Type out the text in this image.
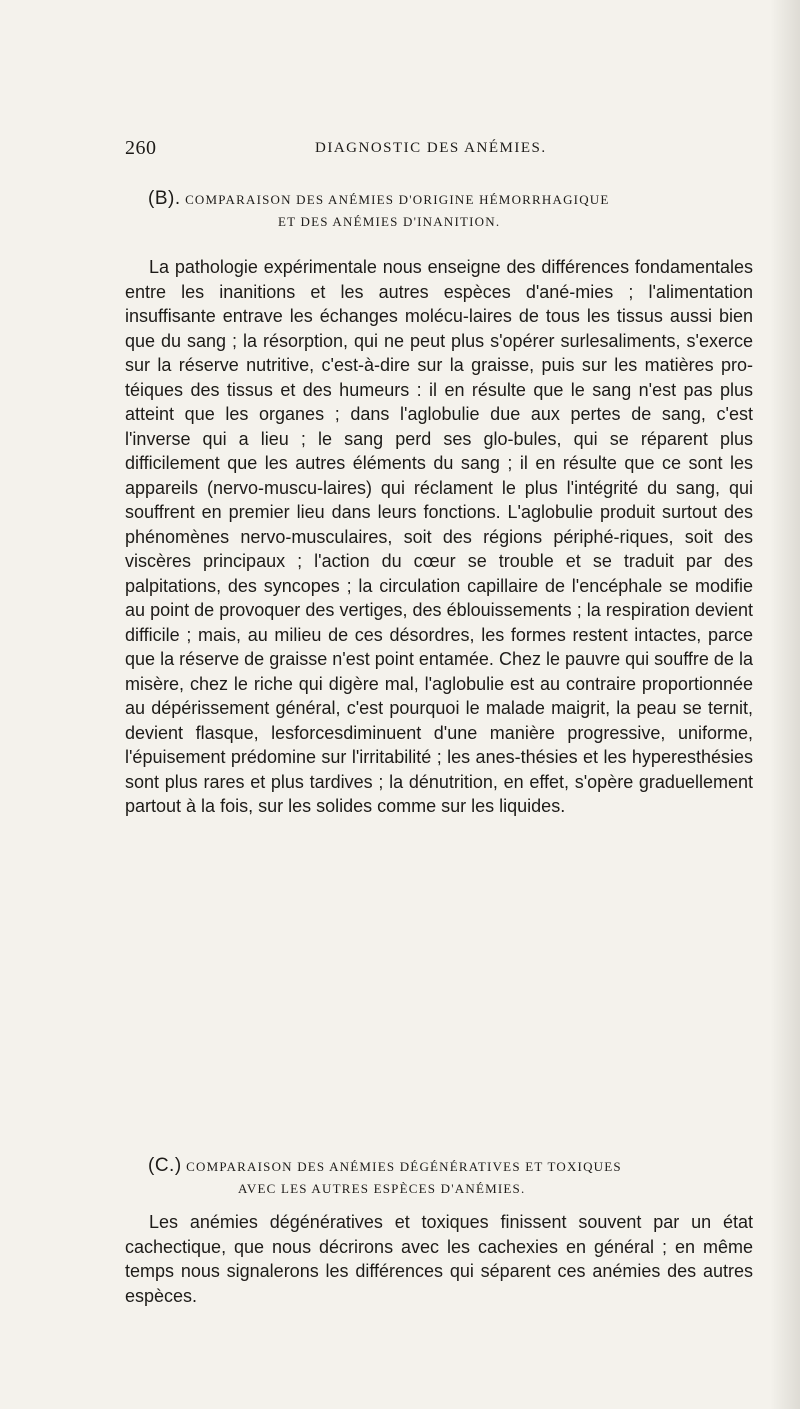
260	DIAGNOSTIC DES ANÉMIES.
(B). COMPARAISON DES ANÉMIES D'ORIGINE HÉMORRHAGIQUE
ET DES ANÉMIES D'INANITION.

La pathologie expérimentale nous enseigne des différences fondamentales entre les inanitions et les autres espèces d'ané-mies ; l'alimentation insuffisante entrave les échanges molécu-laires de tous les tissus aussi bien que du sang ; la résorption, qui ne peut plus s'opérer surlesaliments, s'exerce sur la réserve nutritive, c'est-à-dire sur la graisse, puis sur les matières pro-téiques des tissus et des humeurs : il en résulte que le sang n'est pas plus atteint que les organes ; dans l'aglobulie due aux pertes de sang, c'est l'inverse qui a lieu ; le sang perd ses glo-bules, qui se réparent plus difficilement que les autres éléments du sang ; il en résulte que ce sont les appareils (nervo-muscu-laires) qui réclament le plus l'intégrité du sang, qui souffrent en premier lieu dans leurs fonctions. L'aglobulie produit surtout des phénomènes nervo-musculaires, soit des régions périphé-riques, soit des viscères principaux ; l'action du cœur se trouble et se traduit par des palpitations, des syncopes ; la circulation capillaire de l'encéphale se modifie au point de provoquer des vertiges, des éblouissements ; la respiration devient difficile ; mais, au milieu de ces désordres, les formes restent intactes, parce que la réserve de graisse n'est point entamée. Chez le pauvre qui souffre de la misère, chez le riche qui digère mal, l'aglobulie est au contraire proportionnée au dépérissement général, c'est pourquoi le malade maigrit, la peau se ternit, devient flasque, lesforcesdiminuent d'une manière progressive, uniforme, l'épuisement prédomine sur l'irritabilité ; les anes-thésies et les hyperesthésies sont plus rares et plus tardives ; la dénutrition, en effet, s'opère graduellement partout à la fois, sur les solides comme sur les liquides.

(C.) COMPARAISON DES ANÉMIES DÉGÉNÉRATIVES ET TOXIQUES
AVEC LES AUTRES ESPÈCES D'ANÉMIES.

Les anémies dégénératives et toxiques finissent souvent par un état cachectique, que nous décrirons avec les cachexies en général ; en même temps nous signalerons les différences qui séparent ces anémies des autres espèces.
